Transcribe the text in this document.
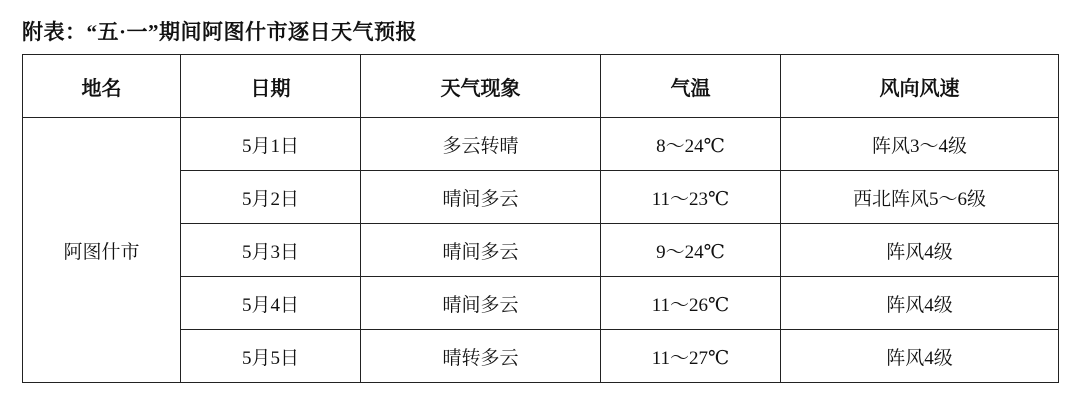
附表：“五·一”期间阿图什市逐日天气预报
地名	日期	天气现象	气温	风向风速
阿图什市	5月1日	多云转晴	8～24℃	阵风3～4级
	5月2日	晴间多云	11～23℃	西北阵风5～6级
	5月3日	晴间多云	9～24℃	阵风4级
	5月4日	晴间多云	11～26℃	阵风4级
	5月5日	晴转多云	11～27℃	阵风4级
